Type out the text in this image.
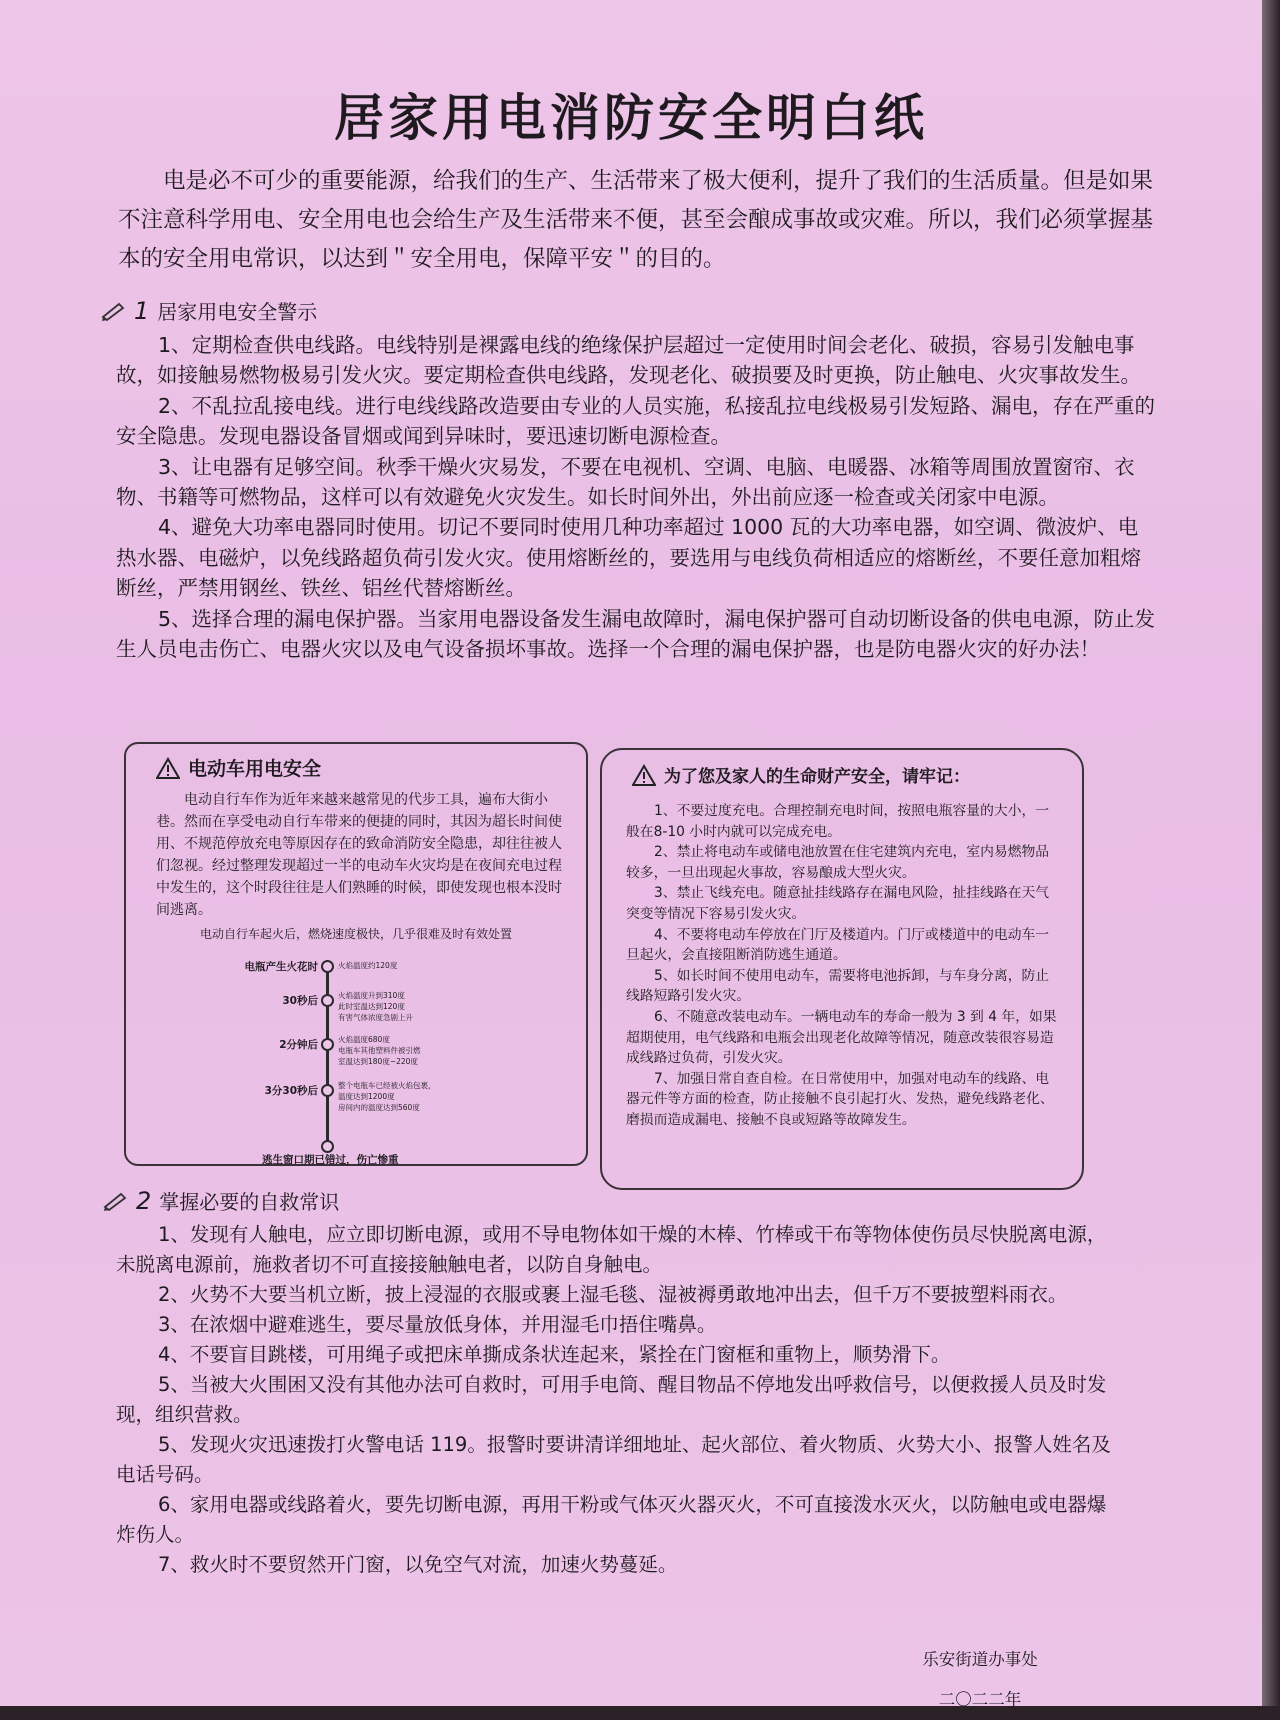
居家用电消防安全明白纸
电是必不可少的重要能源，给我们的生产、生活带来了极大便利，提升了我们的生活质量。但是如果不注意科学用电、安全用电也会给生产及生活带来不便，甚至会酿成事故或灾难。所以，我们必须掌握基本的安全用电常识，以达到＂安全用电，保障平安＂的目的。
1 居家用电安全警示

1、定期检查供电线路。电线特别是裸露电线的绝缘保护层超过一定使用时间会老化、破损，容易引发触电事故，如接触易燃物极易引发火灾。要定期检查供电线路，发现老化、破损要及时更换，防止触电、火灾事故发生。

2、不乱拉乱接电线。进行电线线路改造要由专业的人员实施，私接乱拉电线极易引发短路、漏电，存在严重的安全隐患。发现电器设备冒烟或闻到异味时，要迅速切断电源检查。

3、让电器有足够空间。秋季干燥火灾易发，不要在电视机、空调、电脑、电暖器、冰箱等周围放置窗帘、衣物、书籍等可燃物品，这样可以有效避免火灾发生。如长时间外出，外出前应逐一检查或关闭家中电源。

4、避免大功率电器同时使用。切记不要同时使用几种功率超过 1000 瓦的大功率电器，如空调、微波炉、电热水器、电磁炉，以免线路超负荷引发火灾。使用熔断丝的，要选用与电线负荷相适应的熔断丝，不要任意加粗熔断丝，严禁用钢丝、铁丝、铝丝代替熔断丝。

5、选择合理的漏电保护器。当家用电器设备发生漏电故障时，漏电保护器可自动切断设备的供电电源，防止发生人员电击伤亡、电器火灾以及电气设备损坏事故。选择一个合理的漏电保护器，也是防电器火灾的好办法！

电动车用电安全

电动自行车作为近年来越来越常见的代步工具，遍布大街小巷。然而在享受电动自行车带来的便捷的同时，其因为超长时间使用、不规范停放充电等原因存在的致命消防安全隐患，却往往被人们忽视。经过整理发现超过一半的电动车火灾均是在夜间充电过程中发生的，这个时段往往是人们熟睡的时候，即使发现也根本没时间逃离。

电动自行车起火后，燃烧速度极快，几乎很难及时有效处置
电瓶产生火花时	火焰温度约120度
30秒后	火焰温度升到310度
此时室温达到120度
有害气体浓度急剧上升
2分钟后	火焰温度680度
电瓶车其他塑料件被引燃
室温达到180度~220度
3分30秒后	整个电瓶车已经被火焰包裹，
温度达到1200度
房间内的温度达到560度
逃生窗口期已错过，伤亡惨重
为了您及家人的生命财产安全，请牢记：

1、不要过度充电。合理控制充电时间，按照电瓶容量的大小，一般在8-10 小时内就可以完成充电。

2、禁止将电动车或储电池放置在住宅建筑内充电，室内易燃物品较多，一旦出现起火事故，容易酿成大型火灾。

3、禁止飞线充电。随意扯挂线路存在漏电风险，扯挂线路在天气突变等情况下容易引发火灾。

4、不要将电动车停放在门厅及楼道内。门厅或楼道中的电动车一旦起火，会直接阻断消防逃生通道。

5、如长时间不使用电动车，需要将电池拆卸，与车身分离，防止线路短路引发火灾。

6、不随意改装电动车。一辆电动车的寿命一般为 3 到 4 年，如果超期使用，电气线路和电瓶会出现老化故障等情况，随意改装很容易造成线路过负荷，引发火灾。

7、加强日常自查自检。在日常使用中，加强对电动车的线路、电器元件等方面的检查，防止接触不良引起打火、发热，避免线路老化、磨损而造成漏电、接触不良或短路等故障发生。

2 掌握必要的自救常识

1、发现有人触电，应立即切断电源，或用不导电物体如干燥的木棒、竹棒或干布等物体使伤员尽快脱离电源，未脱离电源前，施救者切不可直接接触触电者，以防自身触电。

2、火势不大要当机立断，披上浸湿的衣服或裹上湿毛毯、湿被褥勇敢地冲出去，但千万不要披塑料雨衣。

3、在浓烟中避难逃生，要尽量放低身体，并用湿毛巾捂住嘴鼻。

4、不要盲目跳楼，可用绳子或把床单撕成条状连起来，紧拴在门窗框和重物上，顺势滑下。

5、当被大火围困又没有其他办法可自救时，可用手电筒、醒目物品不停地发出呼救信号，以便救援人员及时发现，组织营救。

5、发现火灾迅速拨打火警电话 119。报警时要讲清详细地址、起火部位、着火物质、火势大小、报警人姓名及电话号码。

6、家用电器或线路着火，要先切断电源，再用干粉或气体灭火器灭火，不可直接泼水灭火，以防触电或电器爆炸伤人。

7、救火时不要贸然开门窗，以免空气对流，加速火势蔓延。

乐安街道办事处
二〇二二年
